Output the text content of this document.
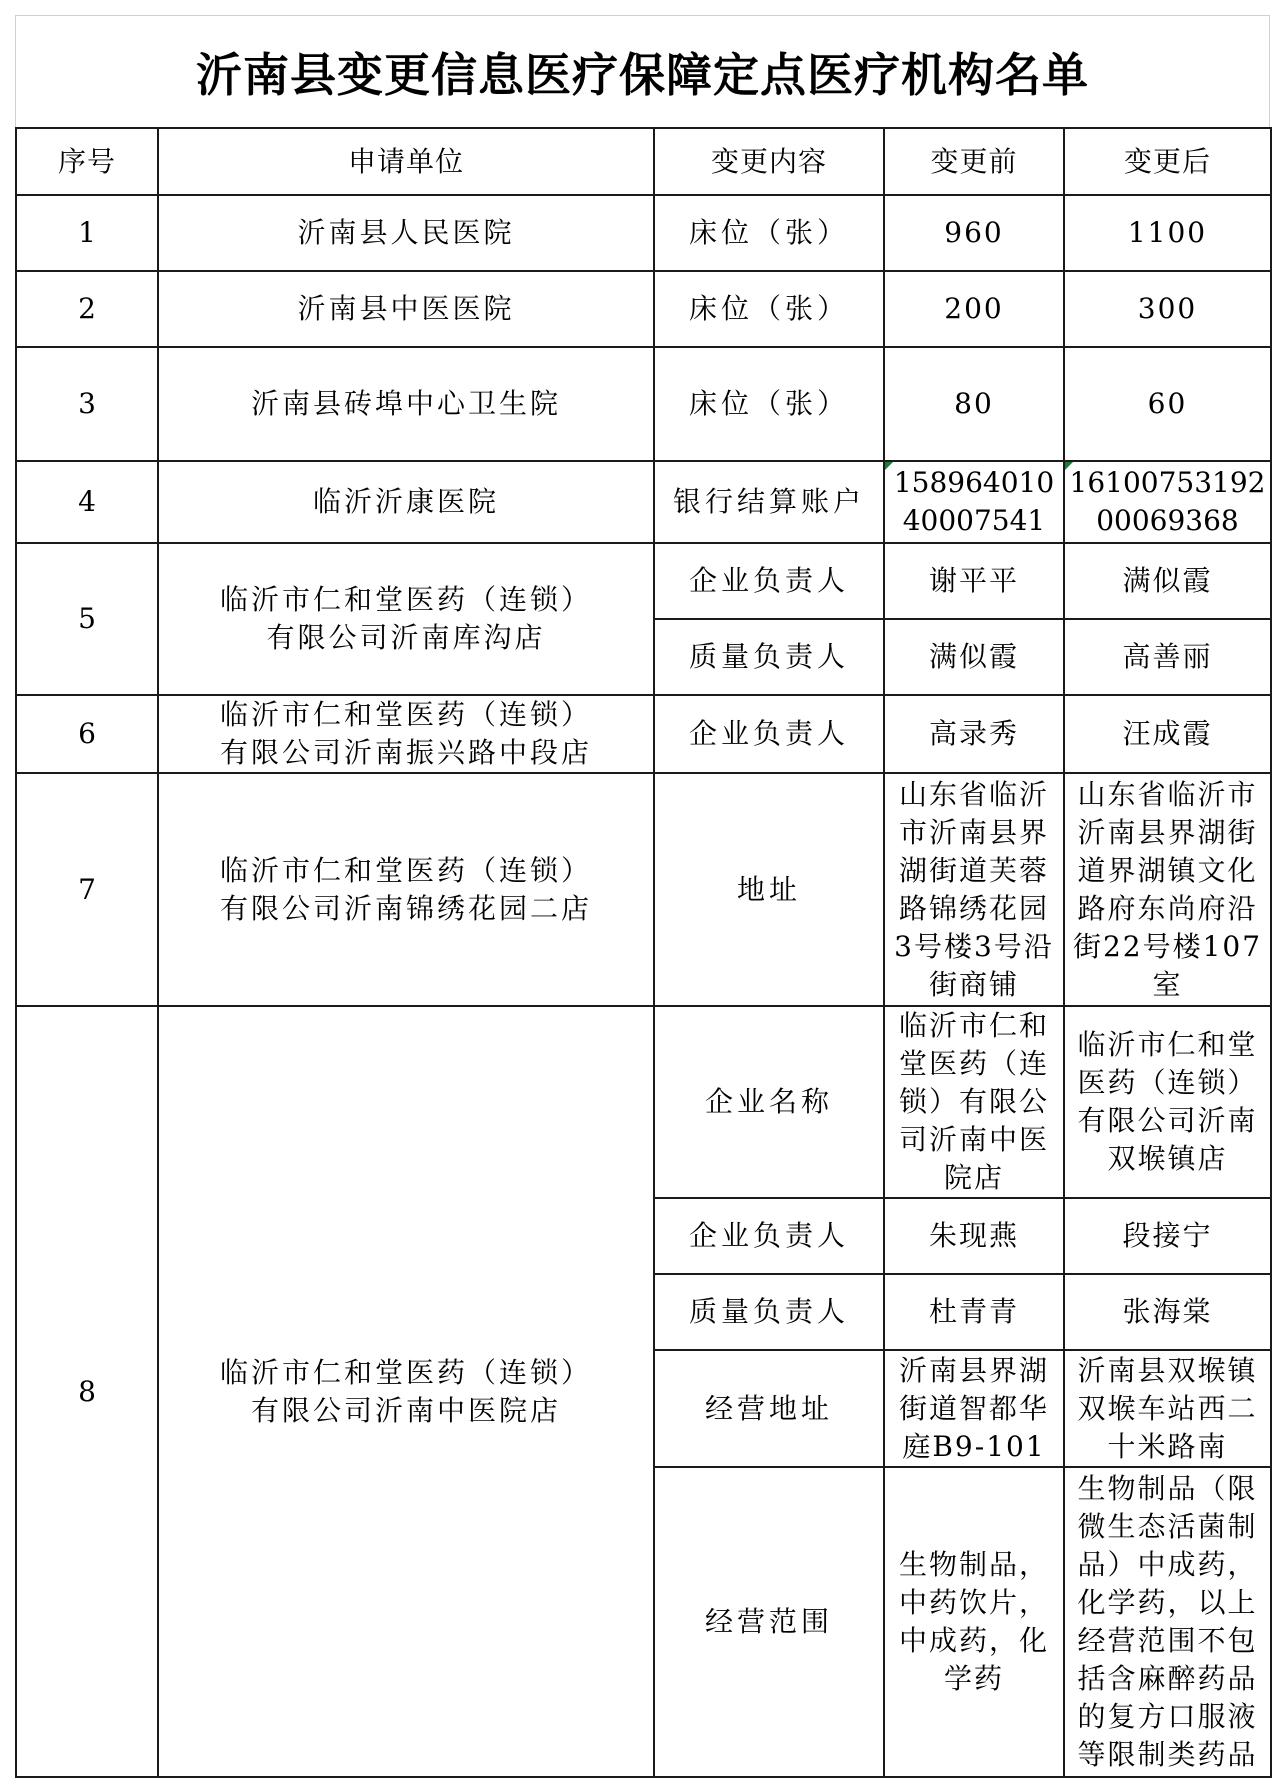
沂南县变更信息医疗保障定点医疗机构名单
序号	申请单位	变更内容	变更前	变更后
1	沂南县人民医院	床位（张）	960	1100
2	沂南县中医医院	床位（张）	200	300
3	沂南县砖埠中心卫生院	床位（张）	80	60
4	临沂沂康医院	银行结算账户	15896401040007541	1610075319200069368
5	临沂市仁和堂医药（连锁）
有限公司沂南库沟店	企业负责人	谢平平	满似霞
		质量负责人	满似霞	高善丽
6	临沂市仁和堂医药（连锁）
有限公司沂南振兴路中段店	企业负责人	高录秀	汪成霞
7	临沂市仁和堂医药（连锁）
有限公司沂南锦绣花园二店	地址	山东省临沂市沂南县界湖街道芙蓉路锦绣花园3号楼3号沿街商铺	山东省临沂市沂南县界湖街道界湖镇文化路府东尚府沿街22号楼107室
8	临沂市仁和堂医药（连锁）
有限公司沂南中医院店	企业名称	临沂市仁和堂医药（连锁）有限公司沂南中医院店	临沂市仁和堂医药（连锁）有限公司沂南双堠镇店
		企业负责人	朱现燕	段接宁
		质量负责人	杜青青	张海棠
		经营地址	沂南县界湖街道智都华庭B9-101	沂南县双堠镇双堠车站西二十米路南
		经营范围	生物制品，中药饮片，中成药，化学药	生物制品（限微生态活菌制品）中成药，化学药，以上经营范围不包括含麻醉药品的复方口服液等限制类药品
